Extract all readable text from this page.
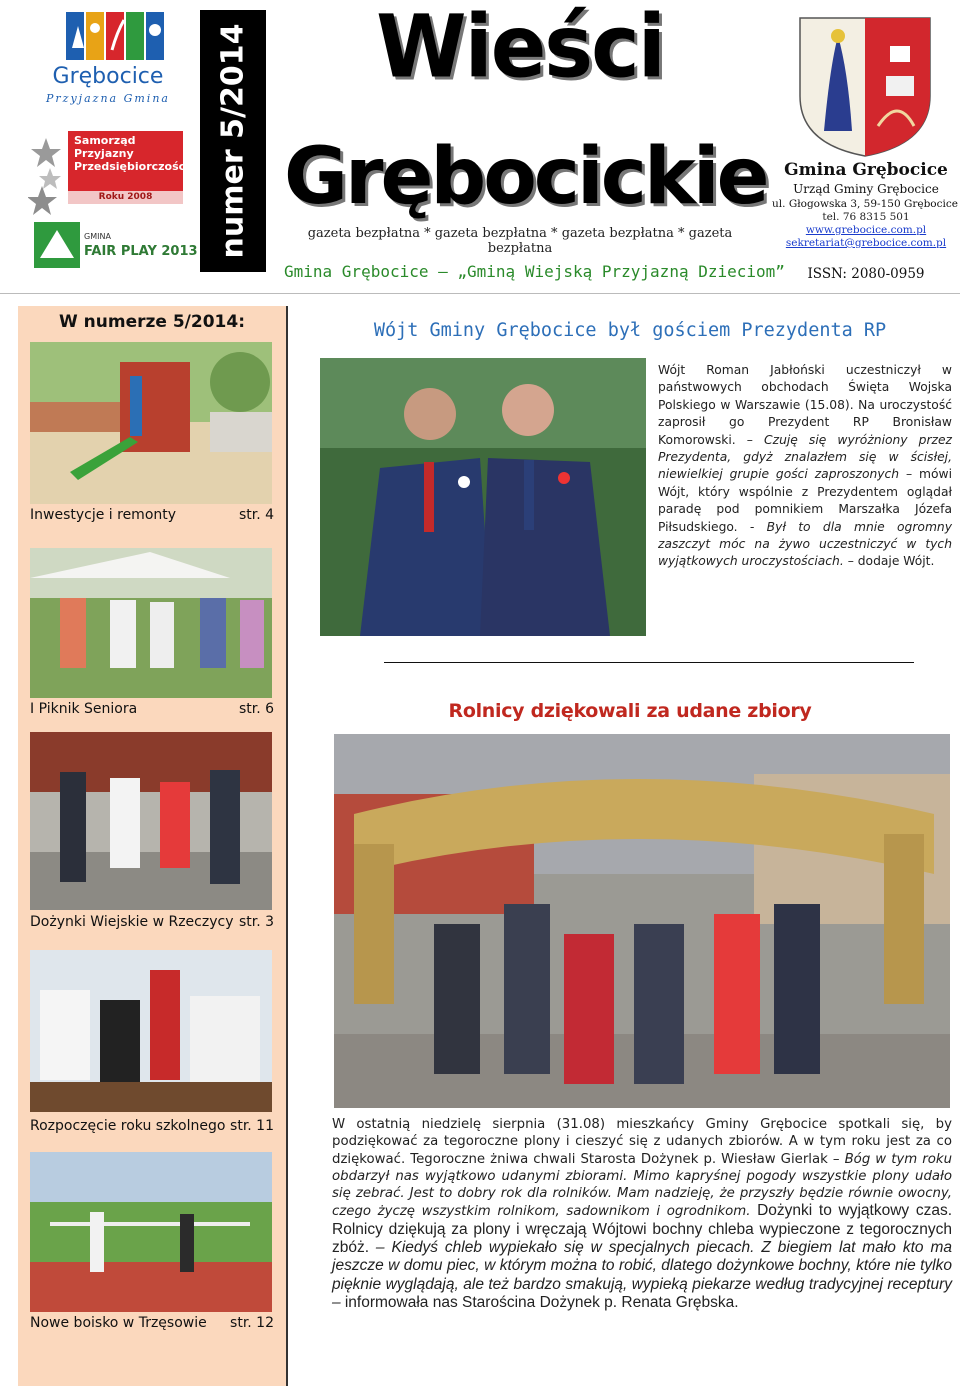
Grębocice
Przyjazna Gmina
Samorząd
Przyjazny
Przedsiębiorczości
Roku 2008
GMINA
FAIR PLAY 2013 numer 5/2014	Wieści
Grębocickie
gazeta bezpłatna * gazeta bezpłatna * gazeta bezpłatna * gazeta bezpłatna
Gmina Grębocice – „Gminą Wiejską Przyjazną Dzieciom”
Gmina Grębocice
Urząd Gminy Grębocice
ul. Głogowska 3, 59-150 Grębocice
tel. 76 8315 501
www.grebocice.com.pl
sekretariat@grebocice.com.pl
ISSN: 2080-0959
W numerze 5/2014:
Inwestycje i remonty	str. 4
I Piknik Seniora	str. 6
Dożynki Wiejskie w Rzeczycy str. 3
Rozpoczęcie roku szkolnego str. 11
Nowe boisko w Trzęsowie str. 12
Wójt Gminy Grębocice był gościem Prezydenta RP
Wójt Roman Jabłoński uczestniczył w państwowych obchodach Święta Wojska Polskiego w Warszawie (15.08). Na uroczystość zaprosił go Prezydent RP Bronisław Komorowski. – Czuję się wyróżniony przez Prezydenta, gdyż znalazłem się w ścisłej, niewielkiej grupie gości zaproszonych – mówi Wójt, który wspólnie z Prezydentem oglądał paradę pod pomnikiem Marszałka Józefa Piłsudskiego. - Był to dla mnie ogromny zaszczyt móc na żywo uczestniczyć w tych wyjątkowych uroczystościach. – dodaje Wójt.
Rolnicy dziękowali za udane zbiory
W ostatnią niedzielę sierpnia (31.08) mieszkańcy Gminy Grębocice spotkali się, by podziękować za tegoroczne plony i cieszyć się z udanych zbiorów. A w tym roku jest za co dziękować. Tegoroczne żniwa chwali Starosta Dożynek p. Wiesław Gierlak – Bóg w tym roku obdarzył nas wyjątkowo udanymi zbiorami. Mimo kapryśnej pogody wszystkie plony udało się zebrać. Jest to dobry rok dla rolników. Mam nadzieję, że przyszły będzie równie owocny, czego życzę wszystkim rolnikom, sadownikom i ogrodnikom. Dożynki to wyjątkowy czas. Rolnicy dziękują za plony i wręczają Wójtowi bochny chleba wypieczone z tegorocznych zbóż. – Kiedyś chleb wypiekało się w specjalnych piecach. Z biegiem lat mało kto ma jeszcze w domu piec, w którym można to robić, dlatego dożynkowe bochny, które nie tylko pięknie wyglądają, ale też bardzo smakują, wypieką piekarze według tradycyjnej receptury – informowała nas Starościna Dożynek p. Renata Grębska.
